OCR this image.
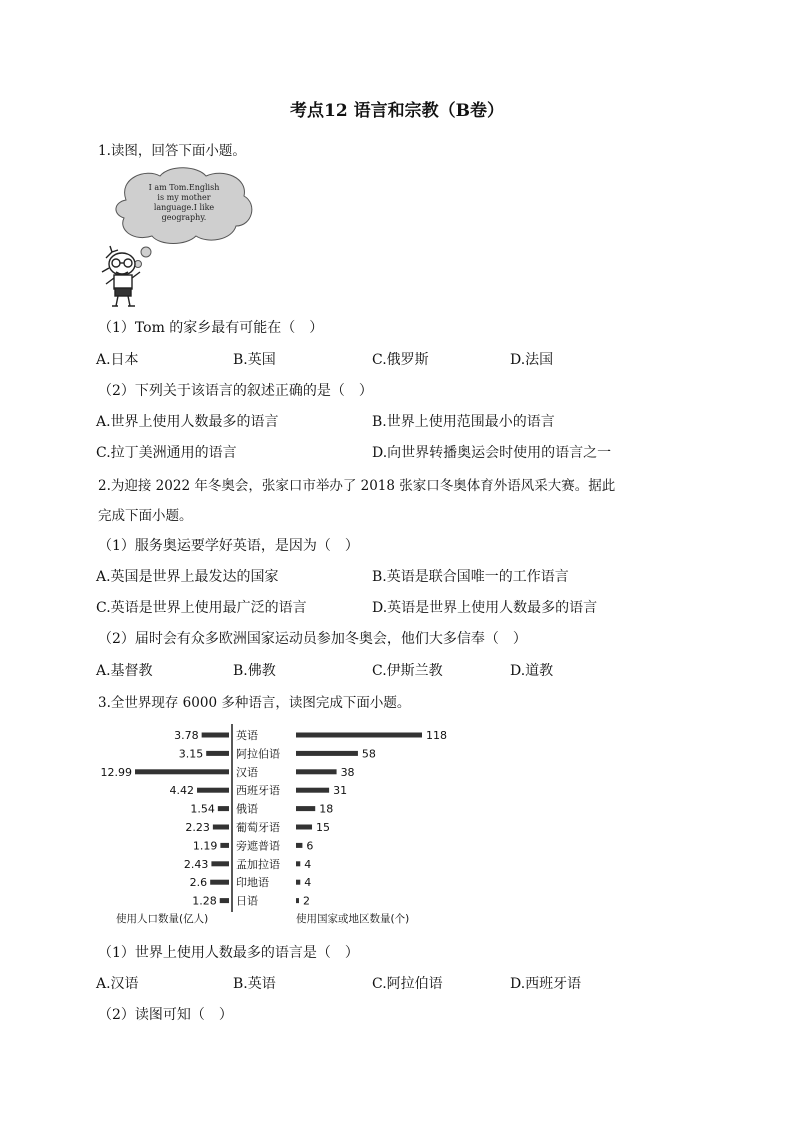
考点12 语言和宗教（B卷）
1.读图，回答下面小题。
I am Tom.English
is my mother
language.I like
geography.
（1）Tom 的家乡最有可能在（　）
A.日本	B.英国	C.俄罗斯	D.法国
（2）下列关于该语言的叙述正确的是（　）
A.世界上使用人数最多的语言	B.世界上使用范围最小的语言
C.拉丁美洲通用的语言	D.向世界转播奥运会时使用的语言之一
2.为迎接 2022 年冬奥会，张家口市举办了 2018 张家口冬奥体育外语风采大赛。据此
完成下面小题。
（1）服务奥运要学好英语，是因为（　）
A.英国是世界上最发达的国家	B.英语是联合国唯一的工作语言
C.英语是世界上使用最广泛的语言	D.英语是世界上使用人数最多的语言
（2）届时会有众多欧洲国家运动员参加冬奥会，他们大多信奉（　）
A.基督教	B.佛教	C.伊斯兰教	D.道教
3.全世界现存 6000 多种语言，读图完成下面小题。
3.78	英语	118
3.15	阿拉伯语	58
12.99	汉语	38
4.42	西班牙语	31
1.54 俄语	18
2.23 葡萄牙语	15
1.19 旁遮普语 6
2.43	孟加拉语 4
2.6	印地语	4
1.28 日语	2
使用人口数量(亿人)	使用国家或地区数量(个)
（1）世界上使用人数最多的语言是（　）
A.汉语	B.英语	C.阿拉伯语	D.西班牙语
（2）读图可知（　）
